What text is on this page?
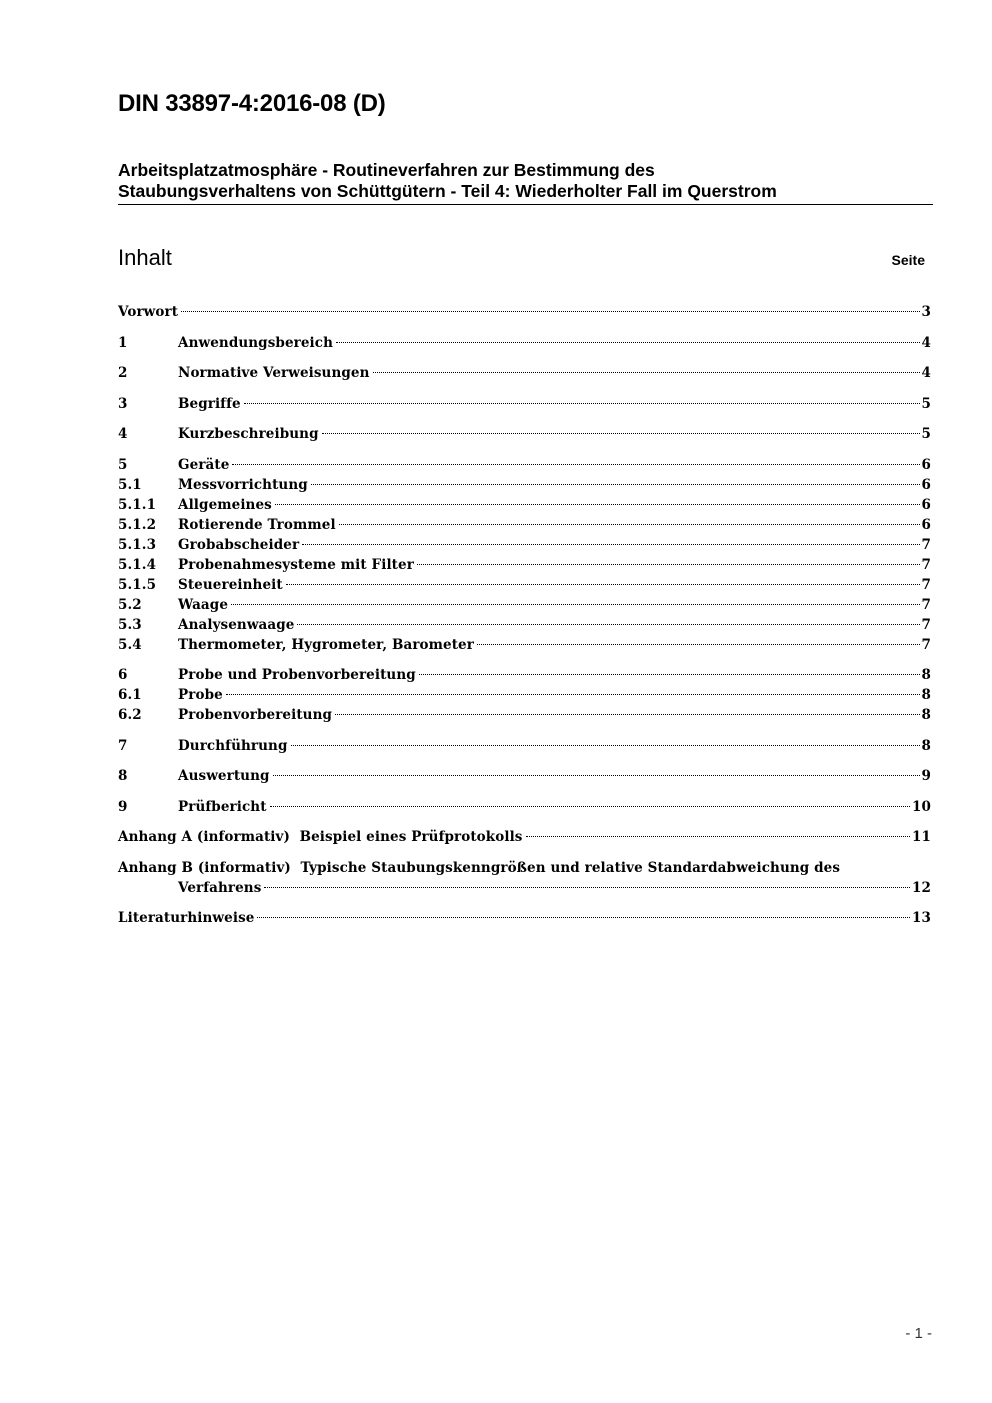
DIN 33897-4:2016-08 (D)
Arbeitsplatzatmosphäre - Routineverfahren zur Bestimmung des
Staubungsverhaltens von Schüttgütern - Teil 4: Wiederholter Fall im Querstrom
Inhalt	Seite
Vorwort	3
1	Anwendungsbereich	4
2	Normative Verweisungen	4
3	Begriffe	5
4	Kurzbeschreibung	5
5	Geräte	6
5.1	Messvorrichtung	6
5.1.1	Allgemeines	6
5.1.2	Rotierende Trommel	6
5.1.3	Grobabscheider	7
5.1.4	Probenahmesysteme mit Filter	7
5.1.5	Steuereinheit	7
5.2	Waage	7
5.3	Analysenwaage	7
5.4	Thermometer, Hygrometer, Barometer	7
6	Probe und Probenvorbereitung	8
6.1	Probe	8
6.2	Probenvorbereitung	8
7	Durchführung	8
8	Auswertung	9
9	Prüfbericht	10
Anhang A (informativ)  Beispiel eines Prüfprotokolls	11
Anhang B (informativ)  Typische Staubungskenngrößen und relative Standardabweichung des
Verfahrens	12
Literaturhinweise	13
- 1 -
